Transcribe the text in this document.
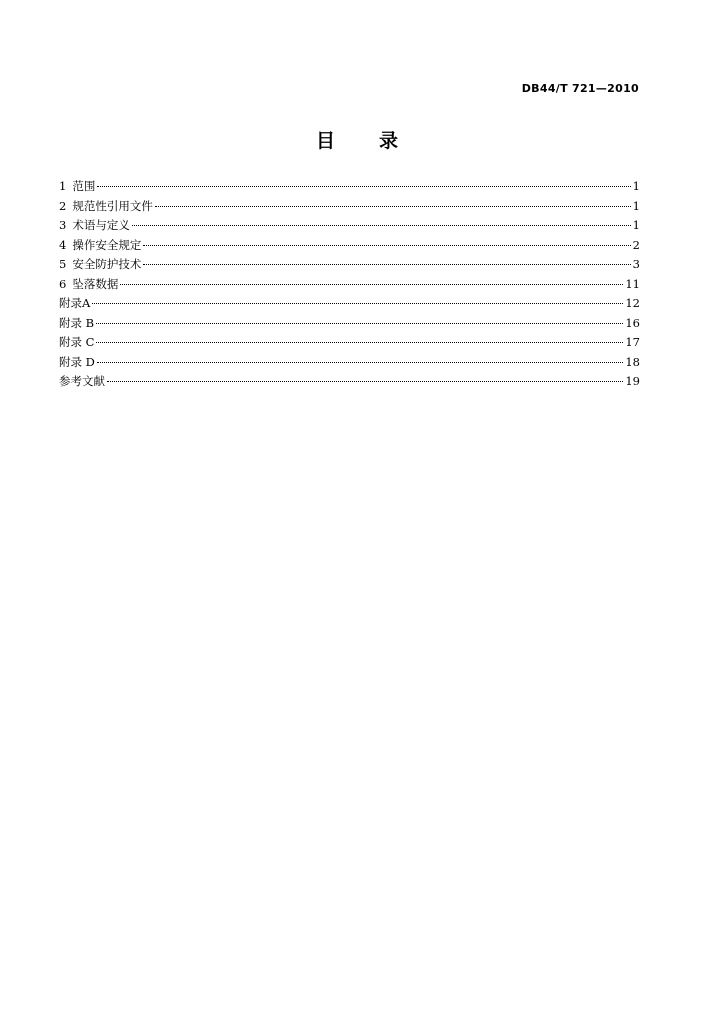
DB44/T 721—2010
目 录
1 范围	1
2 规范性引用文件	1
3 术语与定义	1
4 操作安全规定	2
5 安全防护技术	3
6 坠落数据	11
附录A	12
附录 B	16
附录 C	17
附录 D	18
参考文献	19
